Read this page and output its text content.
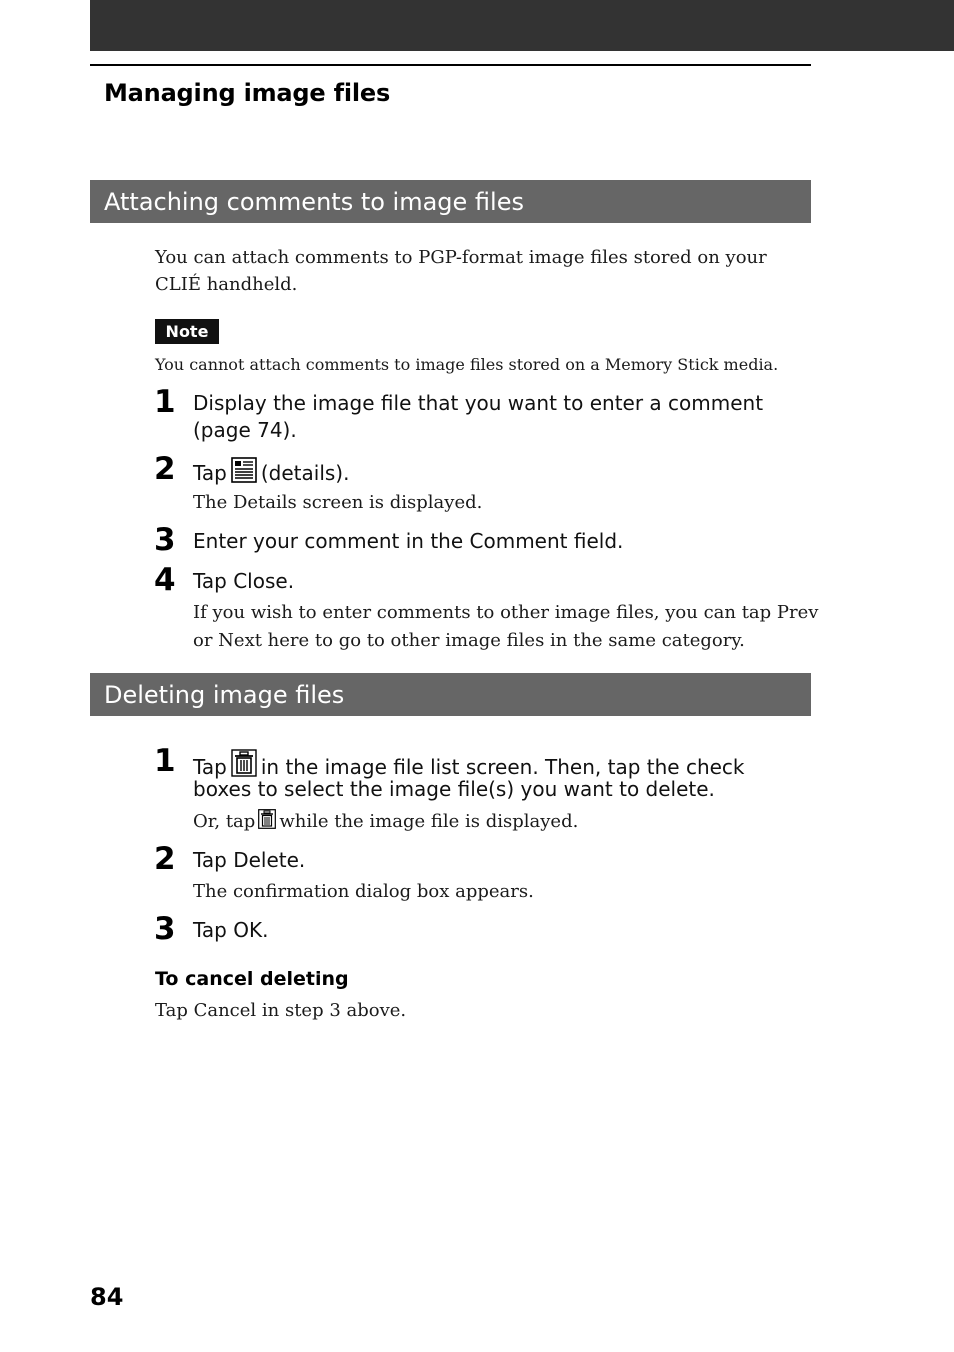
Managing image files
Attaching comments to image files
You can attach comments to PGP-format image files stored on your
CLIÉ handheld.
Note
You cannot attach comments to image files stored on a Memory Stick media.
1 Display the image file that you want to enter a comment
(page 74).
2 Tap (details).
The Details screen is displayed.
3 Enter your comment in the Comment field.
4 Tap Close.
If you wish to enter comments to other image files, you can tap Prev
or Next here to go to other image files in the same category.
Deleting image files
1 Tap in the image file list screen. Then, tap the check
boxes to select the image file(s) you want to delete.
Or, tap while the image file is displayed.
2 Tap Delete.
The confirmation dialog box appears.
3 Tap OK.
To cancel deleting
Tap Cancel in step 3 above.
84
